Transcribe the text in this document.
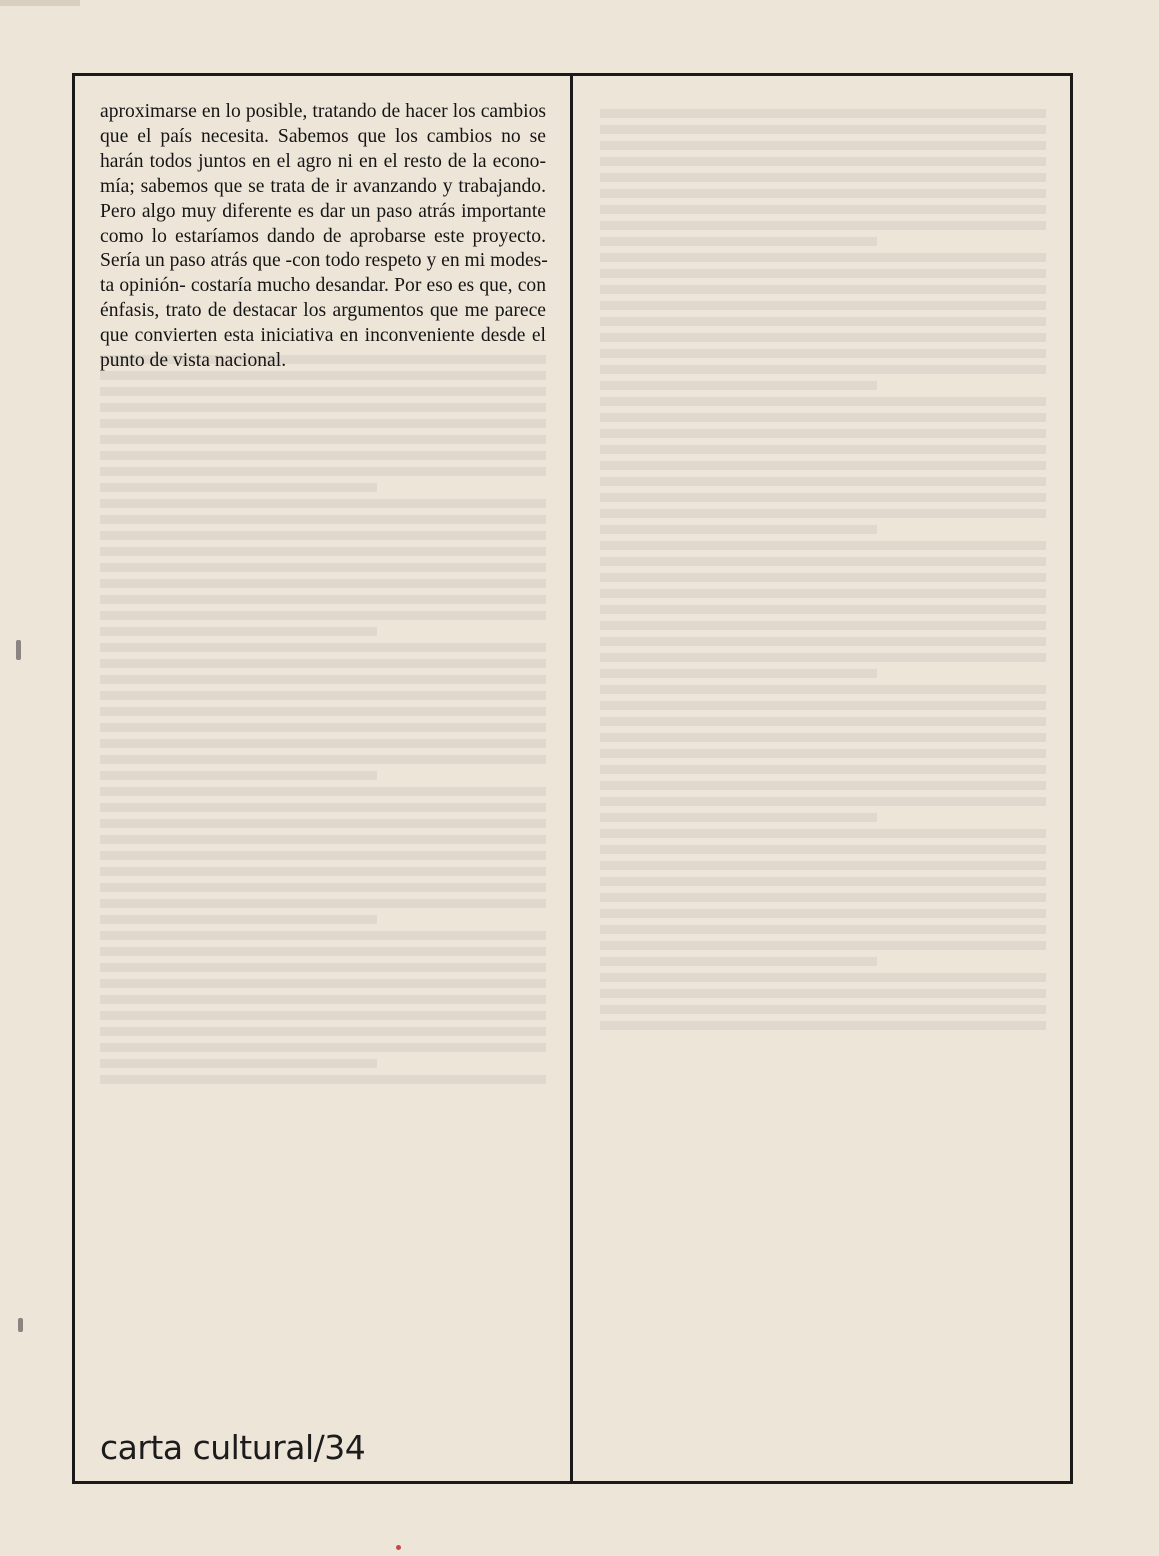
aproximarse en lo posible, tratando de hacer los cambios
que el país necesita. Sabemos que los cambios no se
harán todos juntos en el agro ni en el resto de la econo-
mía; sabemos que se trata de ir avanzando y trabajando.
Pero algo muy diferente es dar un paso atrás importante
como lo estaríamos dando de aprobarse este proyecto.
Sería un paso atrás que -con todo respeto y en mi modes-
ta opinión- costaría mucho desandar. Por eso es que, con
énfasis, trato de destacar los argumentos que me parece
que convierten esta iniciativa en inconveniente desde el
punto de vista nacional.
carta cultural/34
